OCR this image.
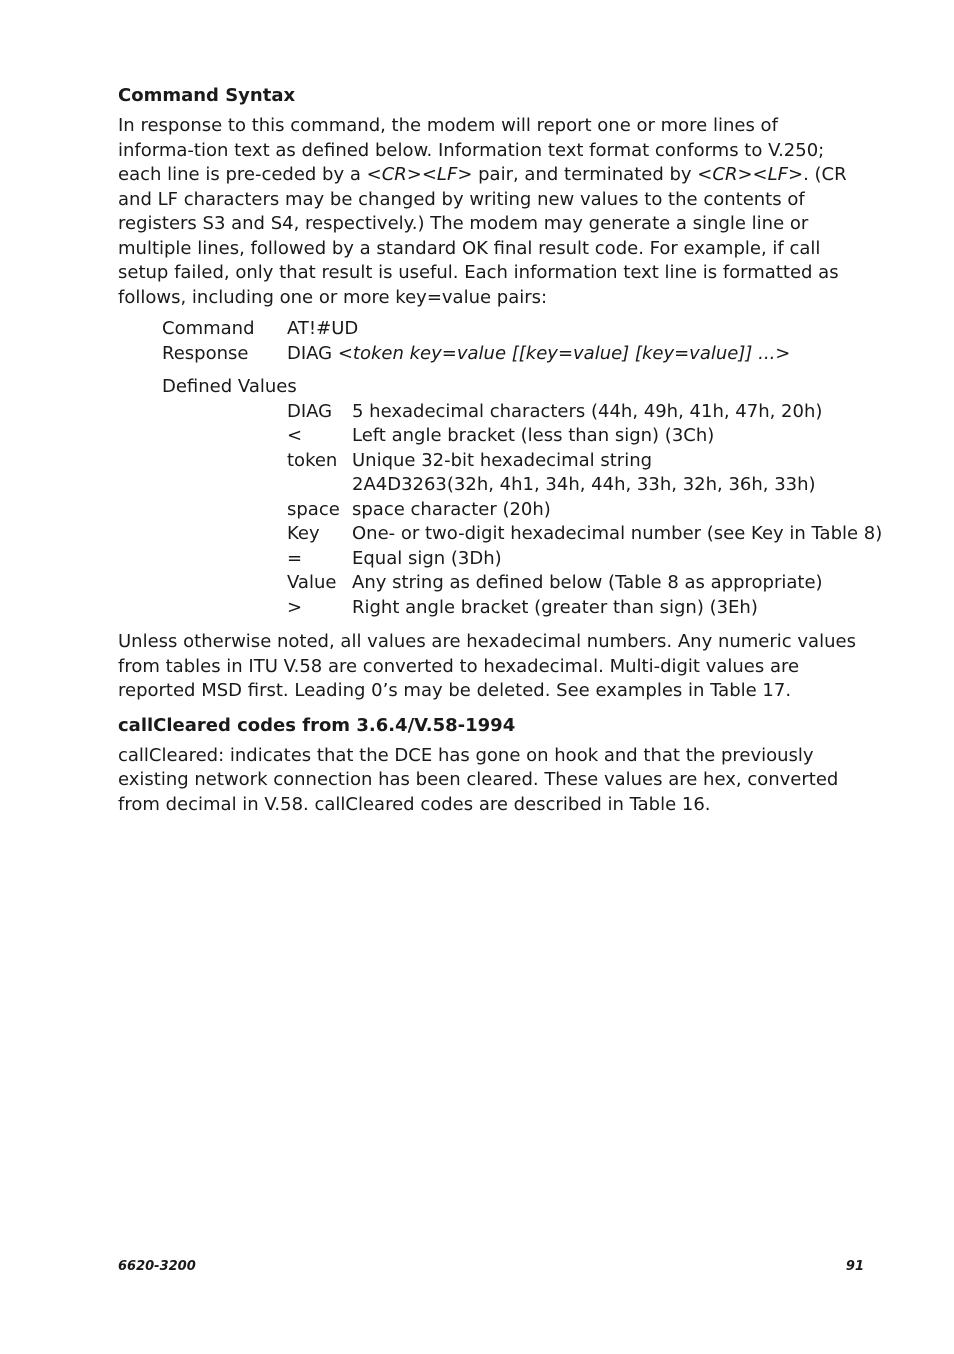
Command Syntax

In response to this command, the modem will report one or more lines of informa-tion text as defined below. Information text format conforms to V.250; each line is pre-ceded by a <CR><LF> pair, and terminated by <CR><LF>. (CR and LF characters may be changed by writing new values to the contents of registers S3 and S4, respectively.) The modem may generate a single line or multiple lines, followed by a standard OK final result code. For example, if call setup failed, only that result is useful. Each information text line is formatted as follows, including one or more key=value pairs:

Command	AT!#UD
Response	DIAG <token key=value [[key=value] [key=value]] ...>
Defined Values
DIAG	5 hexadecimal characters (44h, 49h, 41h, 47h, 20h)
<	Left angle bracket (less than sign) (3Ch)
token Unique 32-bit hexadecimal string
2A4D3263(32h, 4h1, 34h, 44h, 33h, 32h, 36h, 33h)
space space character (20h)
Key	One- or two-digit hexadecimal number (see Key in Table 8)
=	Equal sign (3Dh)
Value Any string as defined below (Table 8 as appropriate)
>	Right angle bracket (greater than sign) (3Eh)

Unless otherwise noted, all values are hexadecimal numbers. Any numeric values from tables in ITU V.58 are converted to hexadecimal. Multi-digit values are reported MSD first. Leading 0’s may be deleted. See examples in Table 17.

callCleared codes from 3.6.4/V.58-1994

callCleared: indicates that the DCE has gone on hook and that the previously existing network connection has been cleared. These values are hex, converted from decimal in V.58. callCleared codes are described in Table 16.

6620-3200	91
